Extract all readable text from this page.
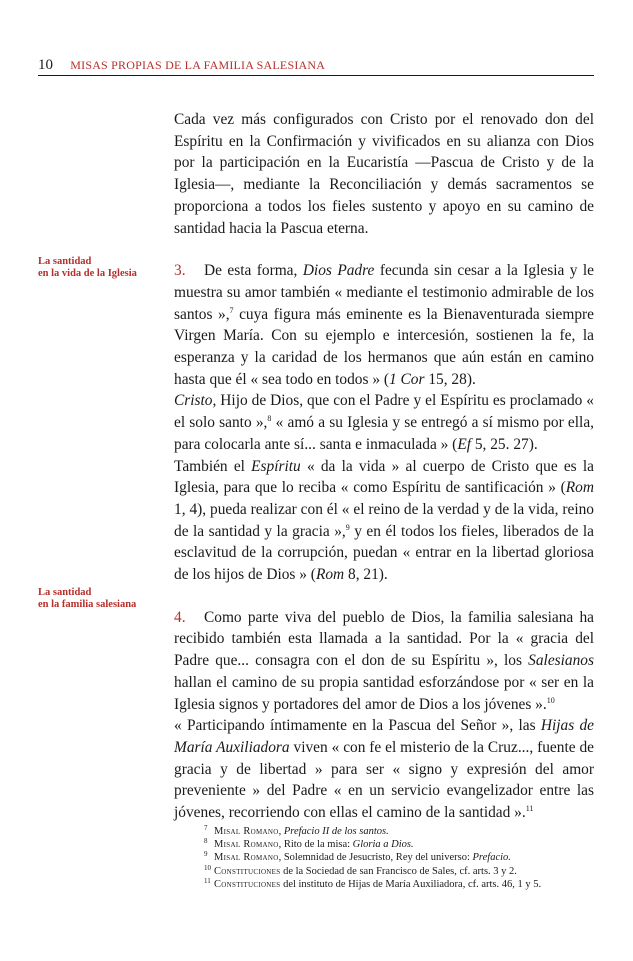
10 MISAS PROPIAS DE LA FAMILIA SALESIANA
La santidad
en la vida de la Iglesia
La santidad
en la familia salesiana

Cada vez más configurados con Cristo por el renovado don del Espíritu en la Confirmación y vivificados en su alianza con Dios por la participación en la Eucaristía —Pascua de Cristo y de la Iglesia—, mediante la Reconciliación y demás sacramentos se proporciona a todos los fieles sustento y apoyo en su camino de santidad hacia la Pascua eterna.

3. De esta forma, Dios Padre fecunda sin cesar a la Iglesia y le muestra su amor también « mediante el testimonio admirable de los santos »,$^7$ cuya figura más eminente es la Bienaventurada siempre Virgen María. Con su ejemplo e intercesión, sostienen la fe, la esperanza y la caridad de los hermanos que aún están en camino hasta que él « sea todo en todos » (1 Cor 15, 28).

Cristo, Hijo de Dios, que con el Padre y el Espíritu es proclamado « el solo santo »,$^8$ « amó a su Iglesia y se entregó a sí mismo por ella, para colocarla ante sí... santa e inmaculada » (Ef 5, 25. 27).

También el Espíritu « da la vida » al cuerpo de Cristo que es la Iglesia, para que lo reciba « como Espíritu de santificación » (Rom 1, 4), pueda realizar con él « el reino de la verdad y de la vida, reino de la santidad y la gracia »,$^9$ y en él todos los fieles, liberados de la esclavitud de la corrupción, puedan « entrar en la libertad gloriosa de los hijos de Dios » (Rom 8, 21).

4. Como parte viva del pueblo de Dios, la familia salesiana ha recibido también esta llamada a la santidad. Por la « gracia del Padre que... consagra con el don de su Espíritu », los Salesianos hallan el camino de su propia santidad esforzándose por « ser en la Iglesia signos y portadores del amor de Dios a los jóvenes ».$^{10}$

« Participando íntimamente en la Pascua del Señor », las Hijas de María Auxiliadora viven « con fe el misterio de la Cruz..., fuente de gracia y de libertad » para ser « signo y expresión del amor preveniente » del Padre « en un servicio evangelizador entre las jóvenes, recorriendo con ellas el camino de la santidad ».$^{11}$

7 Misal Romano, Prefacio II de los santos.
8 Misal Romano, Rito de la misa: Gloria a Dios.
9 Misal Romano, Solemnidad de Jesucristo, Rey del universo: Prefacio.
10 Constituciones de la Sociedad de san Francisco de Sales, cf. arts. 3 y 2.
11 Constituciones del instituto de Hijas de María Auxiliadora, cf. arts. 46, 1 y 5.
